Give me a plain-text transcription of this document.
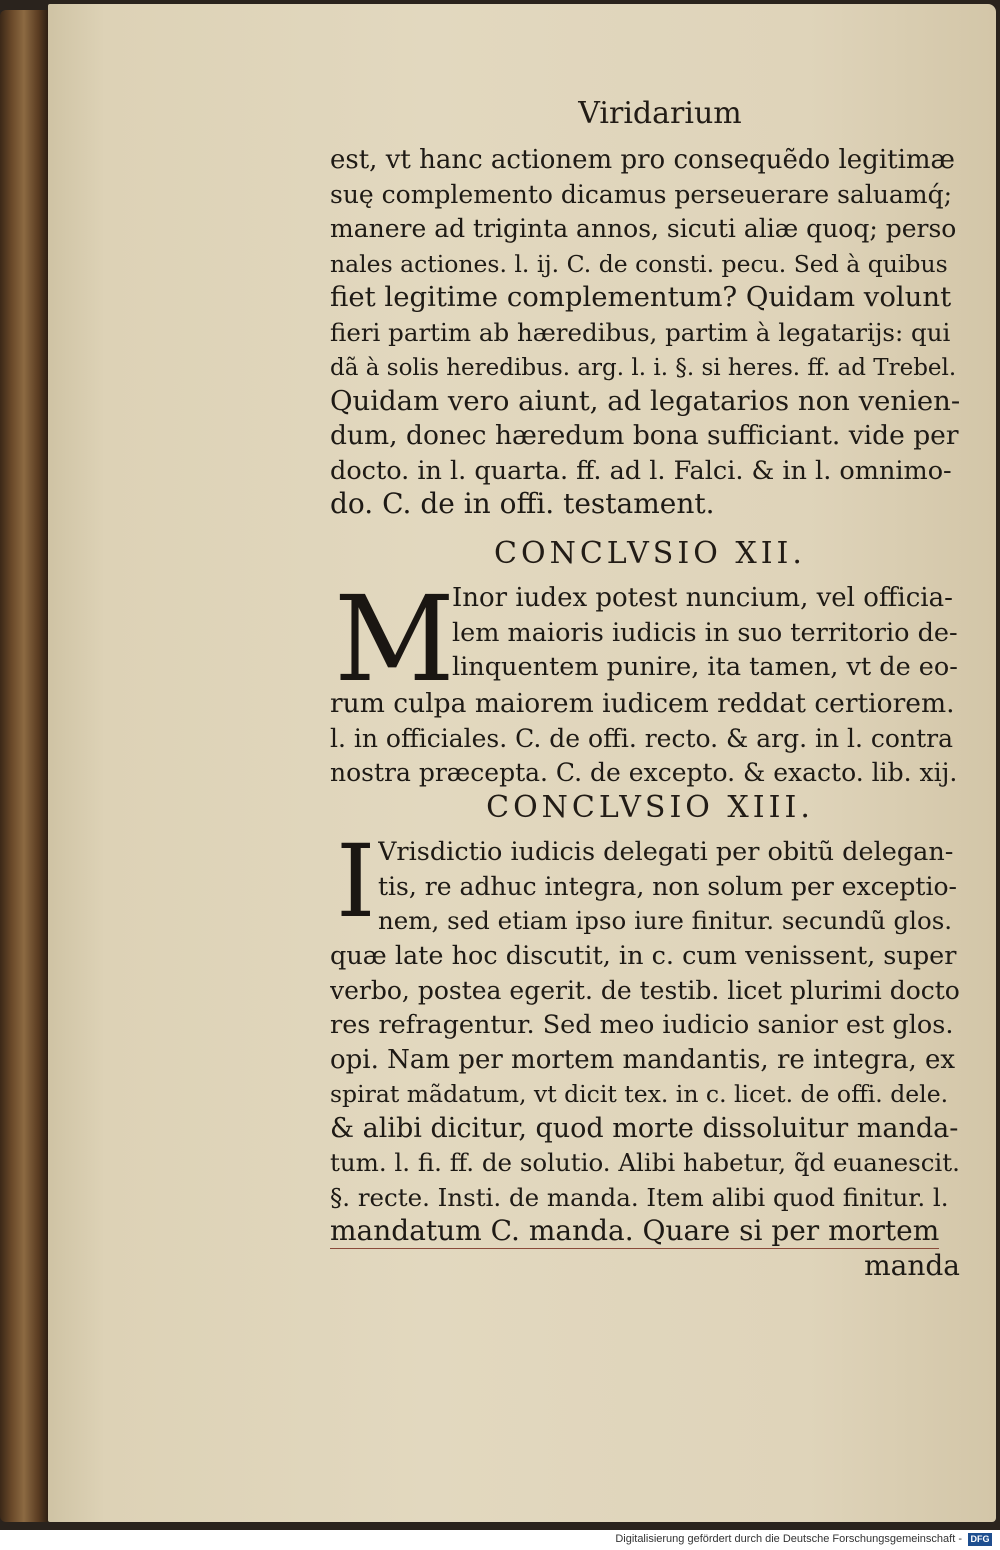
Viridarium
est, vt hanc actionem pro consequẽdo legitimæ
suę complemento dicamus perseuerare saluamq́;
manere ad triginta annos, sicuti aliæ quoq; perso
nales actiones. l. ij. C. de consti. pecu. Sed à quibus
fiet legitime complementum? Quidam volunt
fieri partim ab hæredibus, partim à legatarijs: qui
dã à solis heredibus. arg. l. i. §. si heres. ff. ad Trebel.
Quidam vero aiunt, ad legatarios non venien-
dum, donec hæredum bona sufficiant. vide per
docto. in l. quarta. ff. ad l. Falci. & in l. omnimo-
do. C. de in offi. testament.
CONCLVSIO XII.
M
Inor iudex potest nuncium, vel officia-
lem maioris iudicis in suo territorio de-
linquentem punire, ita tamen, vt de eo-
rum culpa maiorem iudicem reddat certiorem.
l. in officiales. C. de offi. recto. & arg. in l. contra
nostra præcepta. C. de excepto. & exacto. lib. xij.
CONCLVSIO XIII.
I Vrisdictio iudicis delegati per obitũ delegan-
tis, re adhuc integra, non solum per exceptio-
nem, sed etiam ipso iure finitur. secundũ glos.
quæ late hoc discutit, in c. cum venissent, super
verbo, postea egerit. de testib. licet plurimi docto
res refragentur. Sed meo iudicio sanior est glos.
opi. Nam per mortem mandantis, re integra, ex
spirat mãdatum, vt dicit tex. in c. licet. de offi. dele.
& alibi dicitur, quod morte dissoluitur manda-
tum. l. fi. ff. de solutio. Alibi habetur, q̃d euanescit.
§. recte. Insti. de manda. Item alibi quod finitur. l.
mandatum C. manda. Quare si per mortem
manda
Digitalisierung gefördert durch die Deutsche Forschungsgemeinschaft - DFG
